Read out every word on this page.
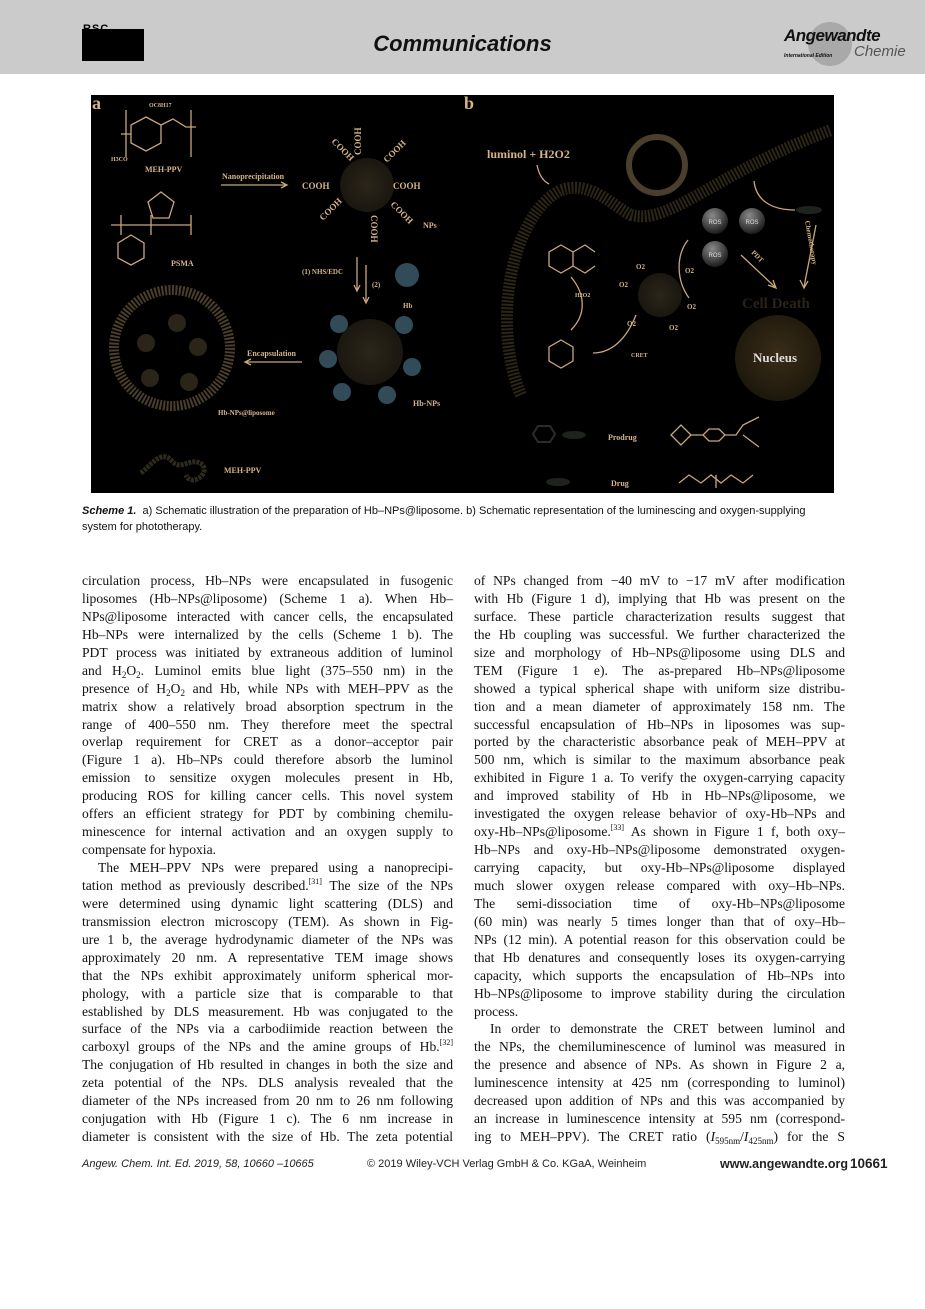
RSC
Communications	Angewandte
International Edition Chemie
a	OC8H17
H3CO
MEH-PPV
Nanoprecipitation
PSMA
COOH
COOH
COOH
COOH
COOH
COOH
COOH
COOH
NPs
(1) NHS/EDC
(2)
Hb
Hb-NPs
Encapsulation
Hb-NPs@liposome
MEH-PPV
b
luminol + H2O2
H2O2
CRET
O2
O2
O2
O2
O2	O2
ROS	ROS
ROS	PDT	Chemotherapy
Cell Death
Nucleus
Prodrug
Drug
Scheme 1. a) Schematic illustration of the preparation of Hb–NPs@liposome. b) Schematic representation of the luminescing and oxygen-supplying system for phototherapy.
circulation process, Hb–NPs were encapsulated in fusogenic
liposomes (Hb–NPs@liposome) (Scheme 1 a). When Hb–
NPs@liposome interacted with cancer cells, the encapsulated
Hb–NPs were internalized by the cells (Scheme 1 b). The
PDT process was initiated by extraneous addition of luminol
and $H_2O_2$. Luminol emits blue light (375–550 nm) in the
presence of $H_2O_2$ and Hb, while NPs with MEH–PPV as the
matrix show a relatively broad absorption spectrum in the
range of 400–550 nm. They therefore meet the spectral
overlap requirement for CRET as a donor–acceptor pair
(Figure 1 a). Hb–NPs could therefore absorb the luminol
emission to sensitize oxygen molecules present in Hb,
producing ROS for killing cancer cells. This novel system
offers an efficient strategy for PDT by combining chemilu-
minescence for internal activation and an oxygen supply to
compensate for hypoxia.
The MEH–PPV NPs were prepared using a nanoprecipi-
tation method as previously described.[31] The size of the NPs
were determined using dynamic light scattering (DLS) and
transmission electron microscopy (TEM). As shown in Fig-
ure 1 b, the average hydrodynamic diameter of the NPs was
approximately 20 nm. A representative TEM image shows
that the NPs exhibit approximately uniform spherical mor-
phology, with a particle size that is comparable to that
established by DLS measurement. Hb was conjugated to the
surface of the NPs via a carbodiimide reaction between the
carboxyl groups of the NPs and the amine groups of Hb.[32]
The conjugation of Hb resulted in changes in both the size and
zeta potential of the NPs. DLS analysis revealed that the
diameter of the NPs increased from 20 nm to 26 nm following
conjugation with Hb (Figure 1 c). The 6 nm increase in
diameter is consistent with the size of Hb. The zeta potential
of NPs changed from −40 mV to −17 mV after modification
with Hb (Figure 1 d), implying that Hb was present on the
surface. These particle characterization results suggest that
the Hb coupling was successful. We further characterized the
size and morphology of Hb–NPs@liposome using DLS and
TEM (Figure 1 e). The as-prepared Hb–NPs@liposome
showed a typical spherical shape with uniform size distribu-
tion and a mean diameter of approximately 158 nm. The
successful encapsulation of Hb–NPs in liposomes was sup-
ported by the characteristic absorbance peak of MEH–PPV at
500 nm, which is similar to the maximum absorbance peak
exhibited in Figure 1 a. To verify the oxygen-carrying capacity
and improved stability of Hb in Hb–NPs@liposome, we
investigated the oxygen release behavior of oxy-Hb–NPs and
oxy-Hb–NPs@liposome.[33] As shown in Figure 1 f, both oxy–
Hb–NPs and oxy-Hb–NPs@liposome demonstrated oxygen-
carrying capacity, but oxy-Hb–NPs@liposome displayed
much slower oxygen release compared with oxy–Hb–NPs.
The semi-dissociation time of oxy-Hb–NPs@liposome
(60 min) was nearly 5 times longer than that of oxy–Hb–
NPs (12 min). A potential reason for this observation could be
that Hb denatures and consequently loses its oxygen-carrying
capacity, which supports the encapsulation of Hb–NPs into
Hb–NPs@liposome to improve stability during the circulation
process.
In order to demonstrate the CRET between luminol and
the NPs, the chemiluminescence of luminol was measured in
the presence and absence of NPs. As shown in Figure 2 a,
luminescence intensity at 425 nm (corresponding to luminol)
decreased upon addition of NPs and this was accompanied by
an increase in luminescence intensity at 595 nm (correspond-
ing to MEH–PPV). The CRET ratio $(I_{595nm}/I_{425nm})$ for the S
Angew. Chem. Int. Ed. 2019, 58, 10660 –10665	© 2019 Wiley-VCH Verlag GmbH & Co. KGaA, Weinheim	www.angewandte.org 10661
